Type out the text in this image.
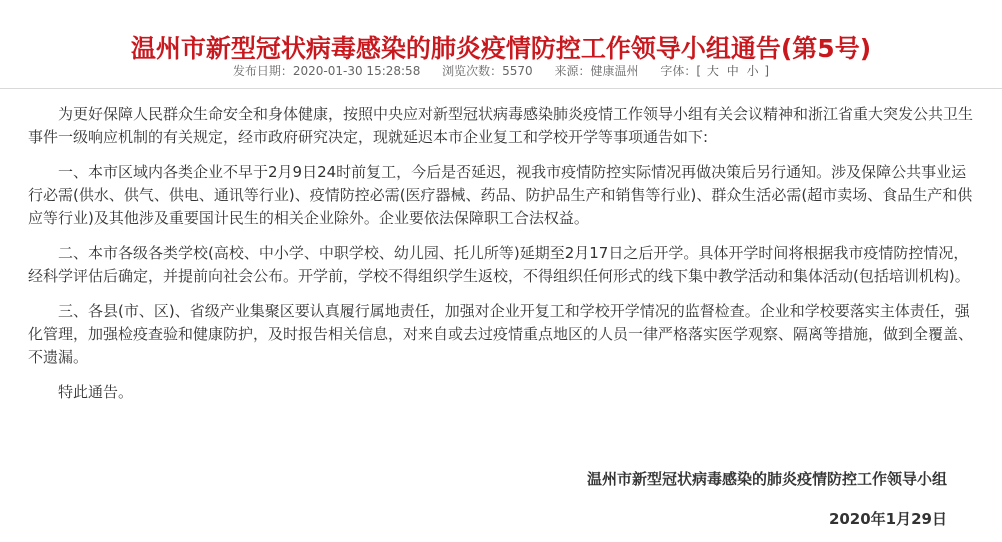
温州市新型冠状病毒感染的肺炎疫情防控工作领导小组通告(第5号)
发布日期：2020-01-30 15:28:58 浏览次数：5570 来源：健康温州 字体：[ 大 中 小 ]

为更好保障人民群众生命安全和身体健康，按照中央应对新型冠状病毒感染肺炎疫情工作领导小组有关会议精神和浙江省重大突发公共卫生事件一级响应机制的有关规定，经市政府研究决定，现就延迟本市企业复工和学校开学等事项通告如下:

一、本市区域内各类企业不早于2月9日24时前复工，今后是否延迟，视我市疫情防控实际情况再做决策后另行通知。涉及保障公共事业运行必需(供水、供气、供电、通讯等行业)、疫情防控必需(医疗器械、药品、防护品生产和销售等行业)、群众生活必需(超市卖场、食品生产和供应等行业)及其他涉及重要国计民生的相关企业除外。企业要依法保障职工合法权益。

二、本市各级各类学校(高校、中小学、中职学校、幼儿园、托儿所等)延期至2月17日之后开学。具体开学时间将根据我市疫情防控情况，经科学评估后确定，并提前向社会公布。开学前，学校不得组织学生返校，不得组织任何形式的线下集中教学活动和集体活动(包括培训机构)。

三、各县(市、区)、省级产业集聚区要认真履行属地责任，加强对企业开复工和学校开学情况的监督检查。企业和学校要落实主体责任，强化管理，加强检疫查验和健康防护，及时报告相关信息，对来自或去过疫情重点地区的人员一律严格落实医学观察、隔离等措施，做到全覆盖、不遗漏。

特此通告。

温州市新型冠状病毒感染的肺炎疫情防控工作领导小组
2020年1月29日
